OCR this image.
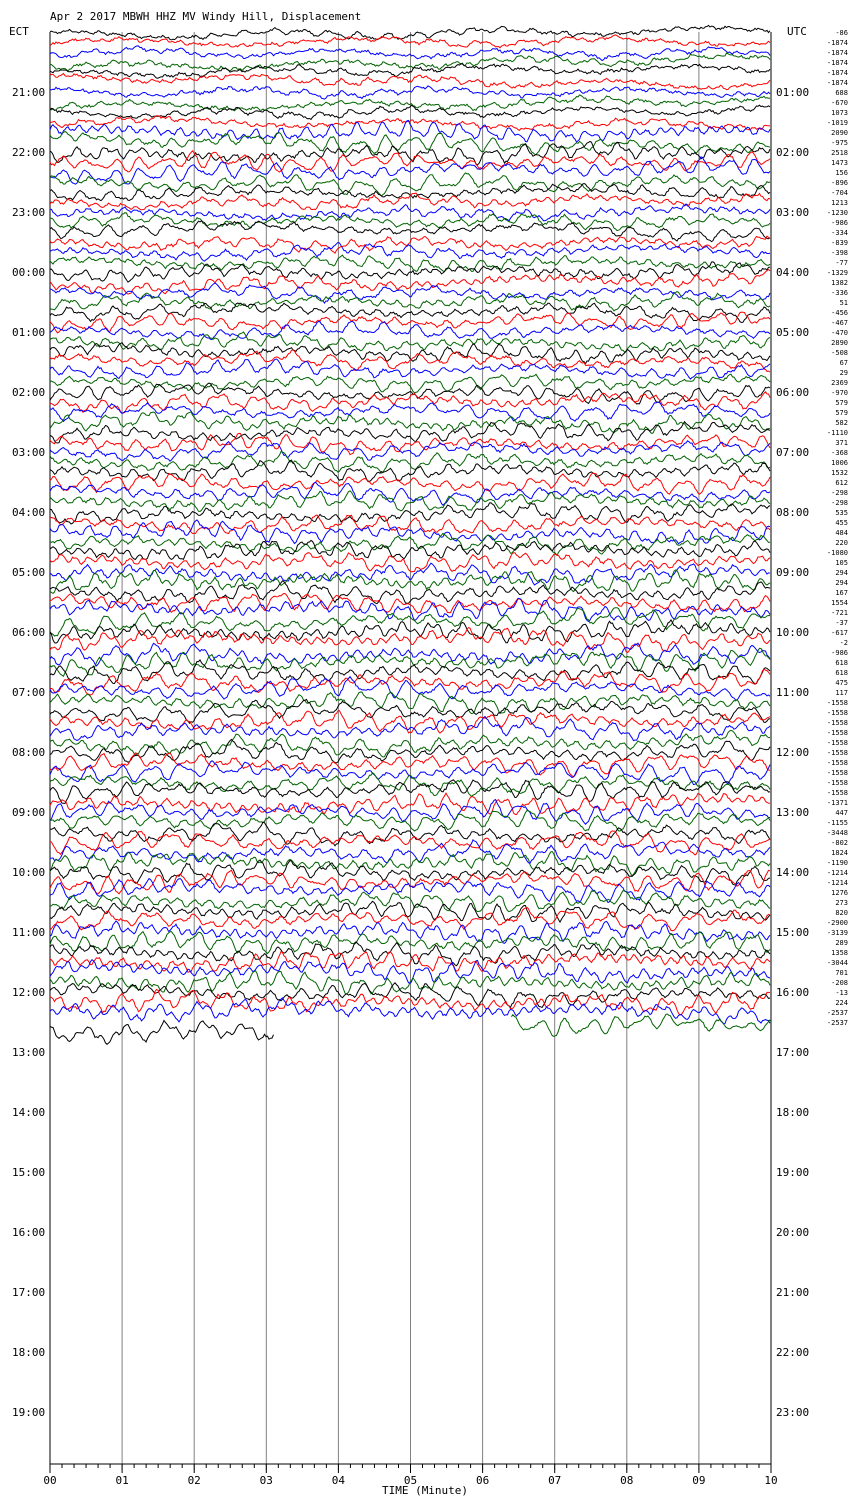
Apr 2 2017 MBWH HHZ MV Windy Hill, Displacement
ECT	UTC
21:00
22:00
23:00
00:00
01:00
02:00
03:00
04:00
05:00
06:00
07:00
08:00
09:00
10:00
11:00
12:00
13:00
14:00
15:00
16:00
17:00
18:00
19:00
01:00
02:00
03:00
04:00
05:00
06:00
07:00
08:00
09:00
10:00
11:00
12:00
13:00
14:00
15:00
16:00
17:00
18:00
19:00
20:00
21:00
22:00
23:00
-86
-1874
-1874
-1874
-1874
-1874
688
-670
1073
-1019
2090
-975
2518
1473
156
-896
-704
1213
-1230
-986
-334
-839
-398
-77
-1329
1382
-336
51
-456
-467
-470
2890
-508
67
29
2369
-970
579
579
582
-1110
371
-368
1006
1532
612
-298
-298
535
455
484
220
-1080
105
294
294
167
1554
-721
-37
-617
-2
-986
618
618
475
117
-1558
-1558
-1558
-1558
-1558
-1558
-1558
-1558
-1558
-1558
-1371
447
-1155
-3448
-802
1824
-1190
-1214
-1214
1276
273
820
-2900
-3139
289
1358
-3044
701
-208
-13
224
-2537
-2537
00	01	02	03	04	05	06	07	08	09	10
TIME (Minute)
